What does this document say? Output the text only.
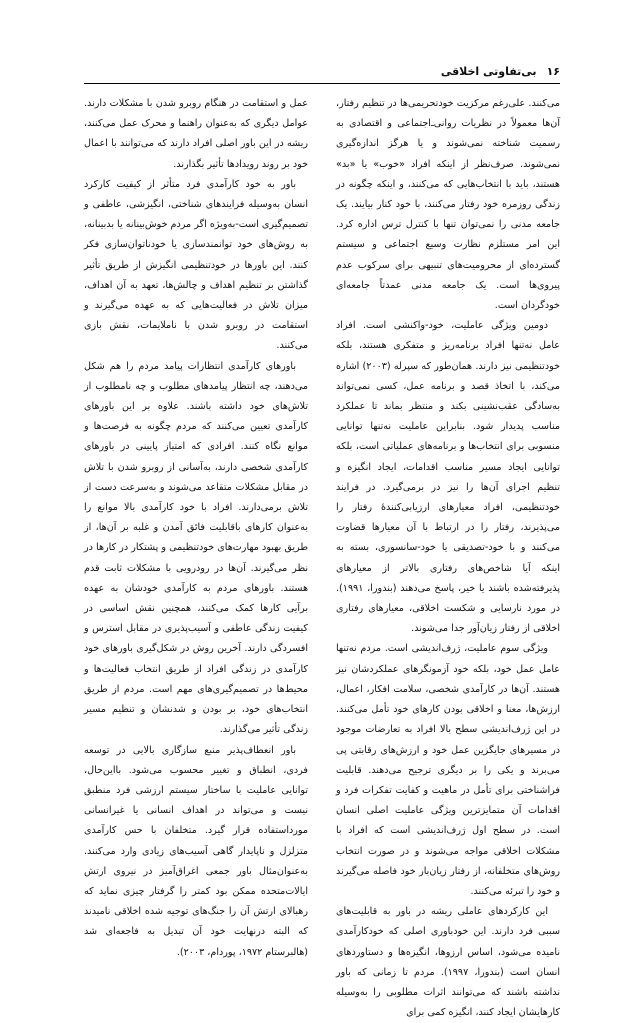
۱۶
بی‌تفاوتی اخلاقی

می‌کنند. علی‌رغم مرکزیت خودتحریمی‌ها در تنظیم رفتار، آن‌ها معمولاً در نظریات روانی‌ـ‌اجتماعی و اقتصادی به رسمیت شناخته نمی‌شوند و یا هرگز اندازه‌گیری نمی‌شوند. صرف‌نظر از اینکه افراد «خوب» یا «بد» هستند، باید با انتخاب‌هایی که می‌کنند، و اینکه چگونه در زندگی روزمره خود رفتار می‌کنند، با خود کنار بیایند. یک جامعه مدنی را نمی‌توان تنها با کنترل ترس اداره کرد. این امر مستلزم نظارت وسیع اجتماعی و سیستم گسترده‌ای از محرومیت‌های تنبیهی برای سرکوب عدم پیروی‌ها است. یک جامعه مدنی عمدتاً جامعه‌ای خودگردان است.

دومین ویژگی عاملیت، خود-واکنشی است. افراد عامل نه‌تنها افراد برنامه‌ریز و متفکری هستند، بلکه خودتنظیمی نیز دارند. همان‌طور که سپرله (۲۰۰۳) اشاره می‌کند، با اتخاذ قصد و برنامه عمل، کسی نمی‌تواند به‌سادگی عقب‌نشینی بکند و منتظر بماند تا عملکرد مناسب پدیدار شود. بنابراین عاملیت نه‌تنها توانایی منسوبی برای انتخاب‌ها و برنامه‌های عملیاتی است، بلکه توانایی ایجاد مسیر مناسب اقدامات، ایجاد انگیزه و تنظیم اجرای آن‌ها را نیز در برمی‌گیرد. در فرایند خودتنظیمی، افراد معیارهای ارزیابی‌کنندهٔ رفتار را می‌پذیرند، رفتار را در ارتباط با آن معیارها قضاوت می‌کنند و با خود-تصدیقی یا خود-سانسوری، بسته به اینکه آیا شاخص‌های رفتاری بالاتر از معیارهای پذیرفته‌شده باشند یا خیر، پاسخ می‌دهند (بندورا، ۱۹۹۱). در مورد نارسایی و شکست اخلاقی، معیارهای رفتاری اخلاقی از رفتار زیان‌آور جدا می‌شوند.

ویژگی سوم عاملیت، ژرف‌اندیشی است. مردم نه‌تنها عامل عمل خود، بلکه خود آزمونگرهای عملکردشان نیز هستند. آن‌ها در کارآمدی شخصی، سلامت افکار، اعمال، ارزش‌ها، معنا و اخلاقی بودن کارهای خود تأمل می‌کنند. در این ژرف‌اندیشی سطح بالا افراد به تعارضات موجود در مسیرهای جایگزین عمل خود و ارزش‌های رقابتی پی می‌برند و یکی را بر دیگری ترجیح می‌دهند. قابلیت فراشناختی برای تأمل در ماهیت و کفایت تفکرات فرد و اقدامات آن متمایزترین ویژگی عاملیت اصلی انسان است. در سطح اول ژرف‌اندیشی است که افراد با مشکلات اخلاقی مواجه می‌شوند و در صورت انتخاب روش‌های متخلفانه، از رفتار زیان‌بار خود فاصله می‌گیرند و خود را تبرئه می‌کنند.

این کارکردهای عاملی ریشه در باور به قابلیت‌های سببی فرد دارند. این خودباوری اصلی که خودکارآمدی نامیده می‌شود، اساس ارزوها، انگیزه‌ها و دستاوردهای انسان است (بندورا، ۱۹۹۷). مردم تا زمانی که باور نداشته باشند که می‌توانند اثرات مطلوبی را به‌وسیله کارهایشان ایجاد کنند، انگیزه کمی برای

عمل و استقامت در هنگام روبرو شدن با مشکلات دارند. عوامل دیگری که به‌عنوان راهنما و محرک عمل می‌کنند، ریشه در این باور اصلی افراد دارند که می‌توانند با اعمال خود بر روند رویدادها تأثیر بگذارند.

باور به خود کارآمدی فرد متأثر از کیفیت کارکرد انسان به‌وسیله فرایندهای شناختی، انگیزشی، عاطفی و تصمیم‌گیری است-به‌ویژه اگر مردم خوش‌بینانه یا بدبینانه، به روش‌های خود توانمندسازی یا خودناتوان‌سازی فکر کنند. این باورها در خودتنظیمی انگیزش از طریق تأثیر گذاشتن بر تنظیم اهداف و چالش‌ها، تعهد به آن اهداف، میزان تلاش در فعالیت‌هایی که به عهده می‌گیرند و استقامت در روبرو شدن با ناملایمات، نقش بازی می‌کنند.

باورهای کارآمدی انتظارات پیامد مردم را هم شکل می‌دهند، چه انتظار پیامدهای مطلوب و چه نامطلوب از تلاش‌های خود داشته باشند. علاوه بر این باورهای کارآمدی تعیین می‌کنند که مردم چگونه به فرصت‌ها و موانع نگاه کنند. افرادی که امتیاز پایینی در باورهای کارآمدی شخصی دارند، به‌آسانی از روبرو شدن با تلاش در مقابل مشکلات متقاعد می‌شوند و به‌سرعت دست از تلاش برمی‌دارند. افراد با خود کارآمدی بالا موانع را به‌عنوان کارهای باقابلیت فائق آمدن و غلبه بر آن‌ها، از طریق بهبود مهارت‌های خودتنظیمی و پشتکار در کارها در نظر می‌گیرند. آن‌ها در رودرویی با مشکلات ثابت قدم هستند. باورهای مردم به کارآمدی خودشان به عهده برآیی کارها کمک می‌کنند، همچنین نقش اساسی در کیفیت زندگی عاطفی و آسیب‌پذیری در مقابل استرس و افسردگی دارند. آخرین روش در شکل‌گیری باورهای خود کارآمدی در زندگی افراد از طریق انتخاب فعالیت‌ها و محیط‌ها در تصمیم‌گیری‌های مهم است. مردم از طریق انتخاب‌های خود، بر بودن و شدنشان و تنظیم مسیر زندگی تأثیر می‌گذارند.

باور انعطاف‌پذیر منبع سازگاری بالایی در توسعه فردی، انطباق و تغییر محسوب می‌شود. بااین‌حال، توانایی عاملیت با ساختار سیستم ارزشی فرد منطبق نیست و می‌تواند در اهداف انسانی یا غیرانسانی مورداستفاده قرار گیرد. متخلفان با حس کارآمدی متزلزل و ناپایدار گاهی آسیب‌های زیادی وارد می‌کنند. به‌عنوان‌مثال باور جمعی اغراق‌آمیز در نیروی ارتش ایالات‌متحده ممکن بود کمتر را گرفتار چیزی نماید که رهبالای ارتش آن را جنگ‌های توجیه شده اخلاقی نامیدند که البته درنهایت خود آن تبدیل به فاجعه‌ای شد (هالبرستام ۱۹۷۲، پوردام، ۲۰۰۳).
